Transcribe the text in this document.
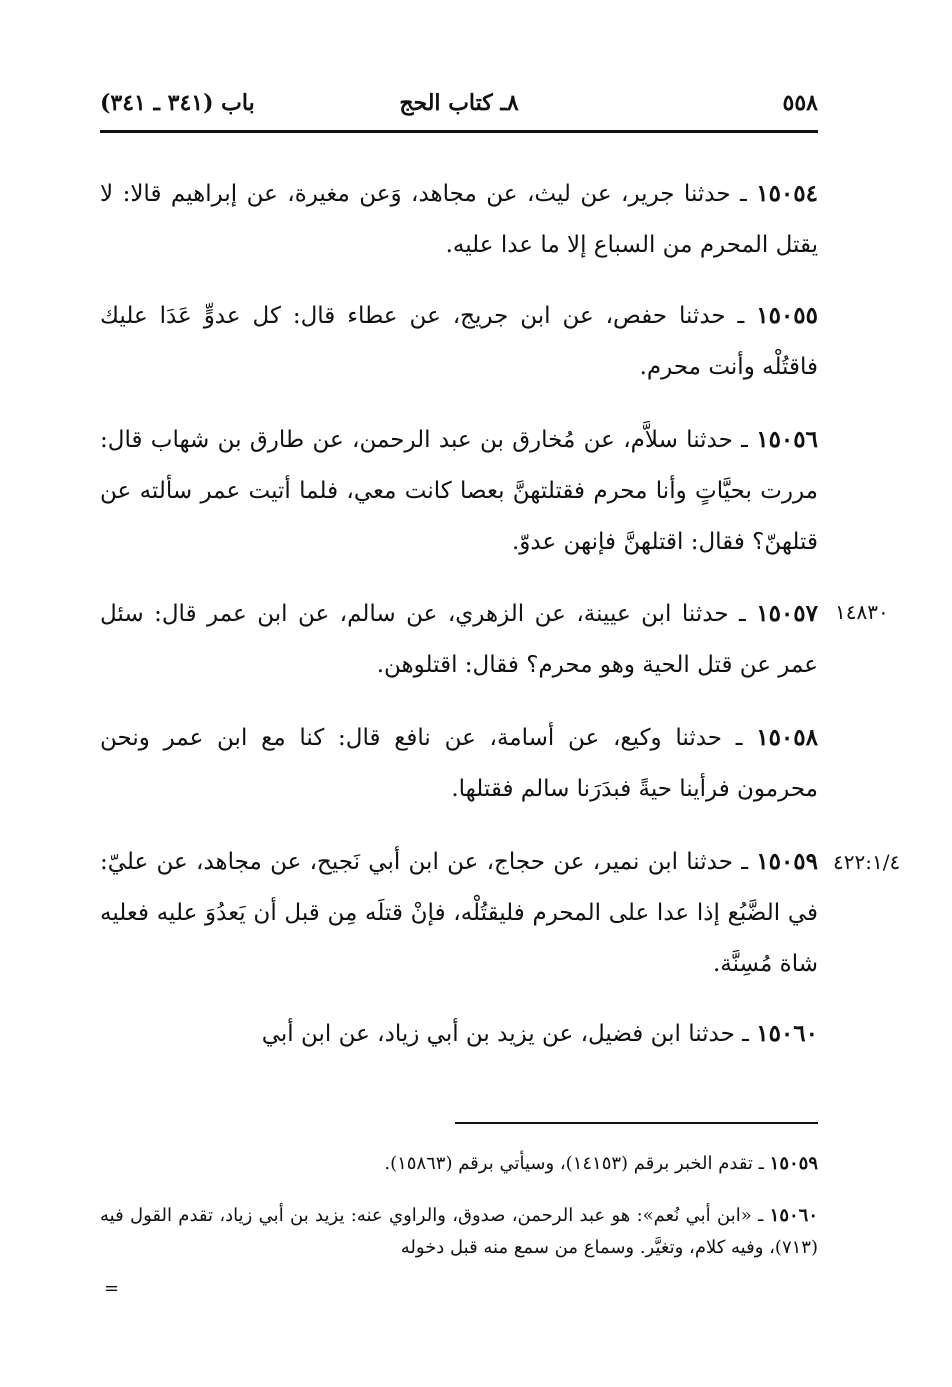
٥٥٨
٨ـ كتاب الحج
باب (٣٤١ ـ ٣٤١)
١٥٠٥٤ ـ حدثنا جرير، عن ليث، عن مجاهد، وَعن مغيرة، عن إبراهيم قالا: لا يقتل المحرم من السباع إلا ما عدا عليه.
١٥٠٥٥ ـ حدثنا حفص، عن ابن جريج، عن عطاء قال: كل عدوٍّ عَدَا عليك فاقتُلْه وأنت محرم.
١٥٠٥٦ ـ حدثنا سلاَّم، عن مُخارق بن عبد الرحمن، عن طارق بن شهاب قال: مررت بحيَّاتٍ وأنا محرم فقتلتهنَّ بعصا كانت معي، فلما أتيت عمر سألته عن قتلهنّ؟ فقال: اقتلهنَّ فإنهن عدوّ.
١٥٠٥٧ ـ حدثنا ابن عيينة، عن الزهري، عن سالم، عن ابن عمر قال: سئل عمر عن قتل الحية وهو محرم؟ فقال: اقتلوهن.
١٤٨٣٠
١٥٠٥٨ ـ حدثنا وكيع، عن أسامة، عن نافع قال: كنا مع ابن عمر ونحن محرمون فرأينا حيةً فبدَرَنا سالم فقتلها.
١٥٠٥٩ ـ حدثنا ابن نمير، عن حجاج، عن ابن أبي نَجيح، عن مجاهد، عن عليّ: في الضَّبُع إذا عدا على المحرم فليقتُلْه، فإنْ قتلَه مِن قبل أن يَعدُوَ عليه فعليه شاة مُسِنَّة.
٤٢٢:١/٤
١٥٠٦٠ ـ حدثنا ابن فضيل، عن يزيد بن أبي زياد، عن ابن أبي
١٥٠٥٩ ـ تقدم الخبر برقم (١٤١٥٣)، وسيأتي برقم (١٥٨٦٣).
١٥٠٦٠ ـ «ابن أبي نُعم»: هو عبد الرحمن، صدوق، والراوي عنه: يزيد بن أبي زياد، تقدم القول فيه (٧١٣)، وفيه كلام، وتغيَّر. وسماع من سمع منه قبل دخوله
=
